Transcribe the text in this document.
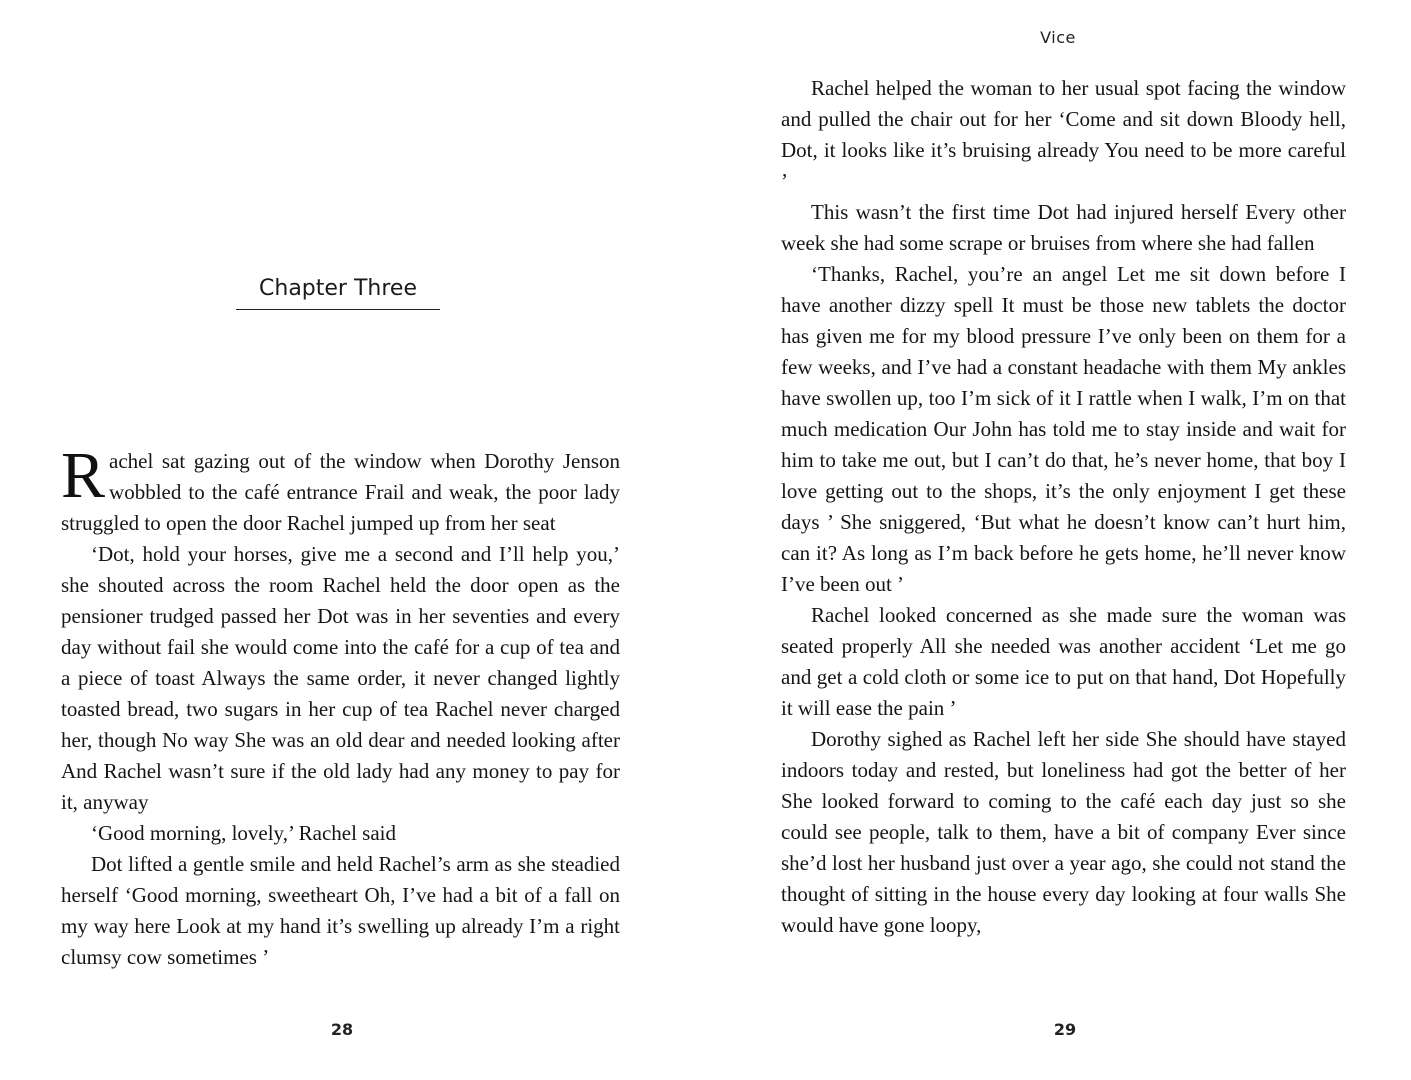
Chapter Three

Rachel sat gazing out of the window when Dorothy Jenson wobbled to the café entrance Frail and weak, the poor lady struggled to open the door Rachel jumped up from her seat

‘Dot, hold your horses, give me a second and I’ll help you,’ she shouted across the room Rachel held the door open as the pensioner trudged passed her Dot was in her seventies and every day without fail she would come into the café for a cup of tea and a piece of toast Always the same order, it never changed lightly toasted bread, two sugars in her cup of tea Rachel never charged her, though No way She was an old dear and needed looking after And Rachel wasn’t sure if the old lady had any money to pay for it, anyway

‘Good morning, lovely,’ Rachel said

Dot lifted a gentle smile and held Rachel’s arm as she steadied herself ‘Good morning, sweetheart Oh, I’ve had a bit of a fall on my way here Look at my hand it’s swelling up already I’m a right clumsy cow sometimes ’

28
Vice

Rachel helped the woman to her usual spot facing the window and pulled the chair out for her ‘Come and sit down Bloody hell, Dot, it looks like it’s bruising already You need to be more careful ’

This wasn’t the first time Dot had injured herself Every other week she had some scrape or bruises from where she had fallen

‘Thanks, Rachel, you’re an angel Let me sit down before I have another dizzy spell It must be those new tablets the doctor has given me for my blood pressure I’ve only been on them for a few weeks, and I’ve had a constant headache with them My ankles have swollen up, too I’m sick of it I rattle when I walk, I’m on that much medication Our John has told me to stay inside and wait for him to take me out, but I can’t do that, he’s never home, that boy I love getting out to the shops, it’s the only enjoyment I get these days ’ She sniggered, ‘But what he doesn’t know can’t hurt him, can it? As long as I’m back before he gets home, he’ll never know I’ve been out ’

Rachel looked concerned as she made sure the woman was seated properly All she needed was another accident ‘Let me go and get a cold cloth or some ice to put on that hand, Dot Hopefully it will ease the pain ’

Dorothy sighed as Rachel left her side She should have stayed indoors today and rested, but loneliness had got the better of her She looked forward to coming to the café each day just so she could see people, talk to them, have a bit of company Ever since she’d lost her husband just over a year ago, she could not stand the thought of sitting in the house every day looking at four walls She would have gone loopy,

29
